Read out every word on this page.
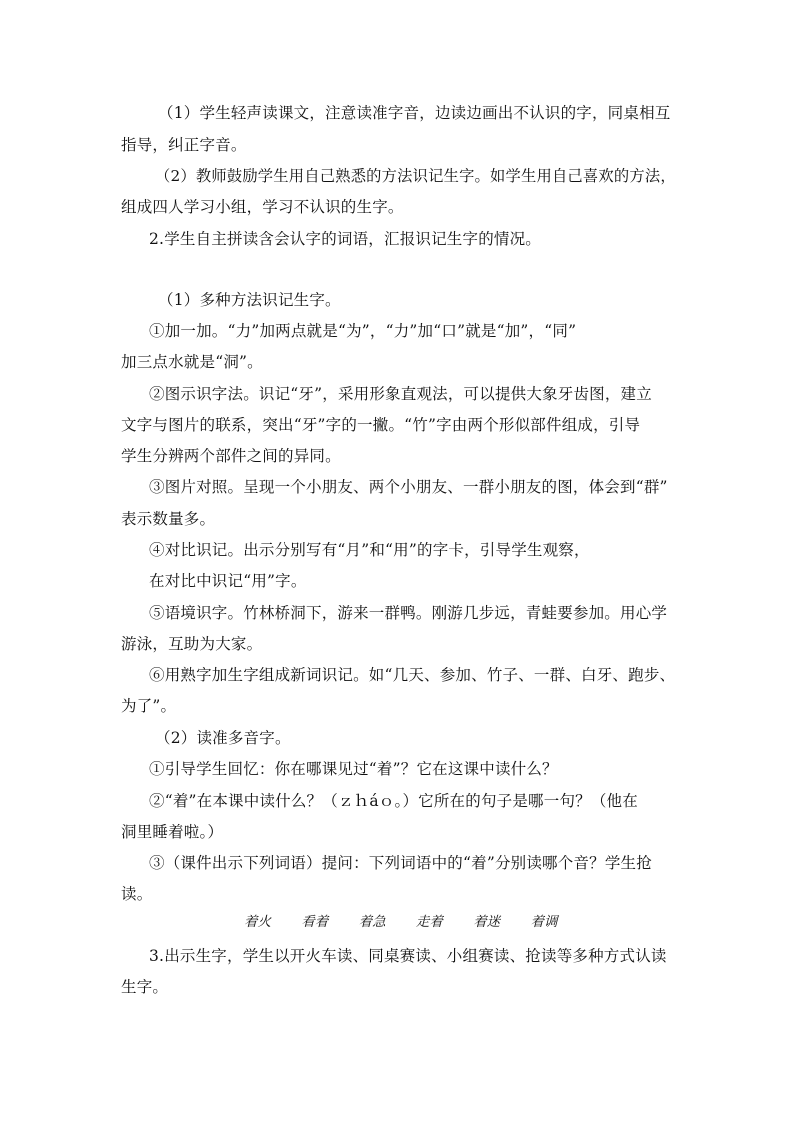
（1）学生轻声读课文，注意读准字音，边读边画出不认识的字，同桌相互
指导，纠正字音。
（2）教师鼓励学生用自己熟悉的方法识记生字。如学生用自己喜欢的方法，
组成四人学习小组，学习不认识的生字。
2.学生自主拼读含会认字的词语，汇报识记生字的情况。
（1）多种方法识记生字。
①加一加。“力”加两点就是“为”，“力”加“口”就是“加”，“同”
加三点水就是“洞”。
②图示识字法。识记“牙”，采用形象直观法，可以提供大象牙齿图，建立
文字与图片的联系，突出“牙”字的一撇。“竹”字由两个形似部件组成，引导
学生分辨两个部件之间的异同。
③图片对照。呈现一个小朋友、两个小朋友、一群小朋友的图，体会到“群”
表示数量多。
④对比识记。出示分别写有“月”和“用”的字卡，引导学生观察，
在对比中识记“用”字。
⑤语境识字。竹林桥洞下，游来一群鸭。刚游几步远，青蛙要参加。用心学
游泳，互助为大家。
⑥用熟字加生字组成新词识记。如“几天、参加、竹子、一群、白牙、跑步、
为了”。
（2）读准多音字。
①引导学生回忆：你在哪课见过“着”？它在这课中读什么？
②“着”在本课中读什么？（ｚｈáｏ。）它所在的句子是哪一句？（他在
洞里睡着啦。）
③（课件出示下列词语）提问：下列词语中的“着”分别读哪个音？学生抢
读。
着火 看着 着急 走着 着迷 着调
3.出示生字，学生以开火车读、同桌赛读、小组赛读、抢读等多种方式认读
生字。
